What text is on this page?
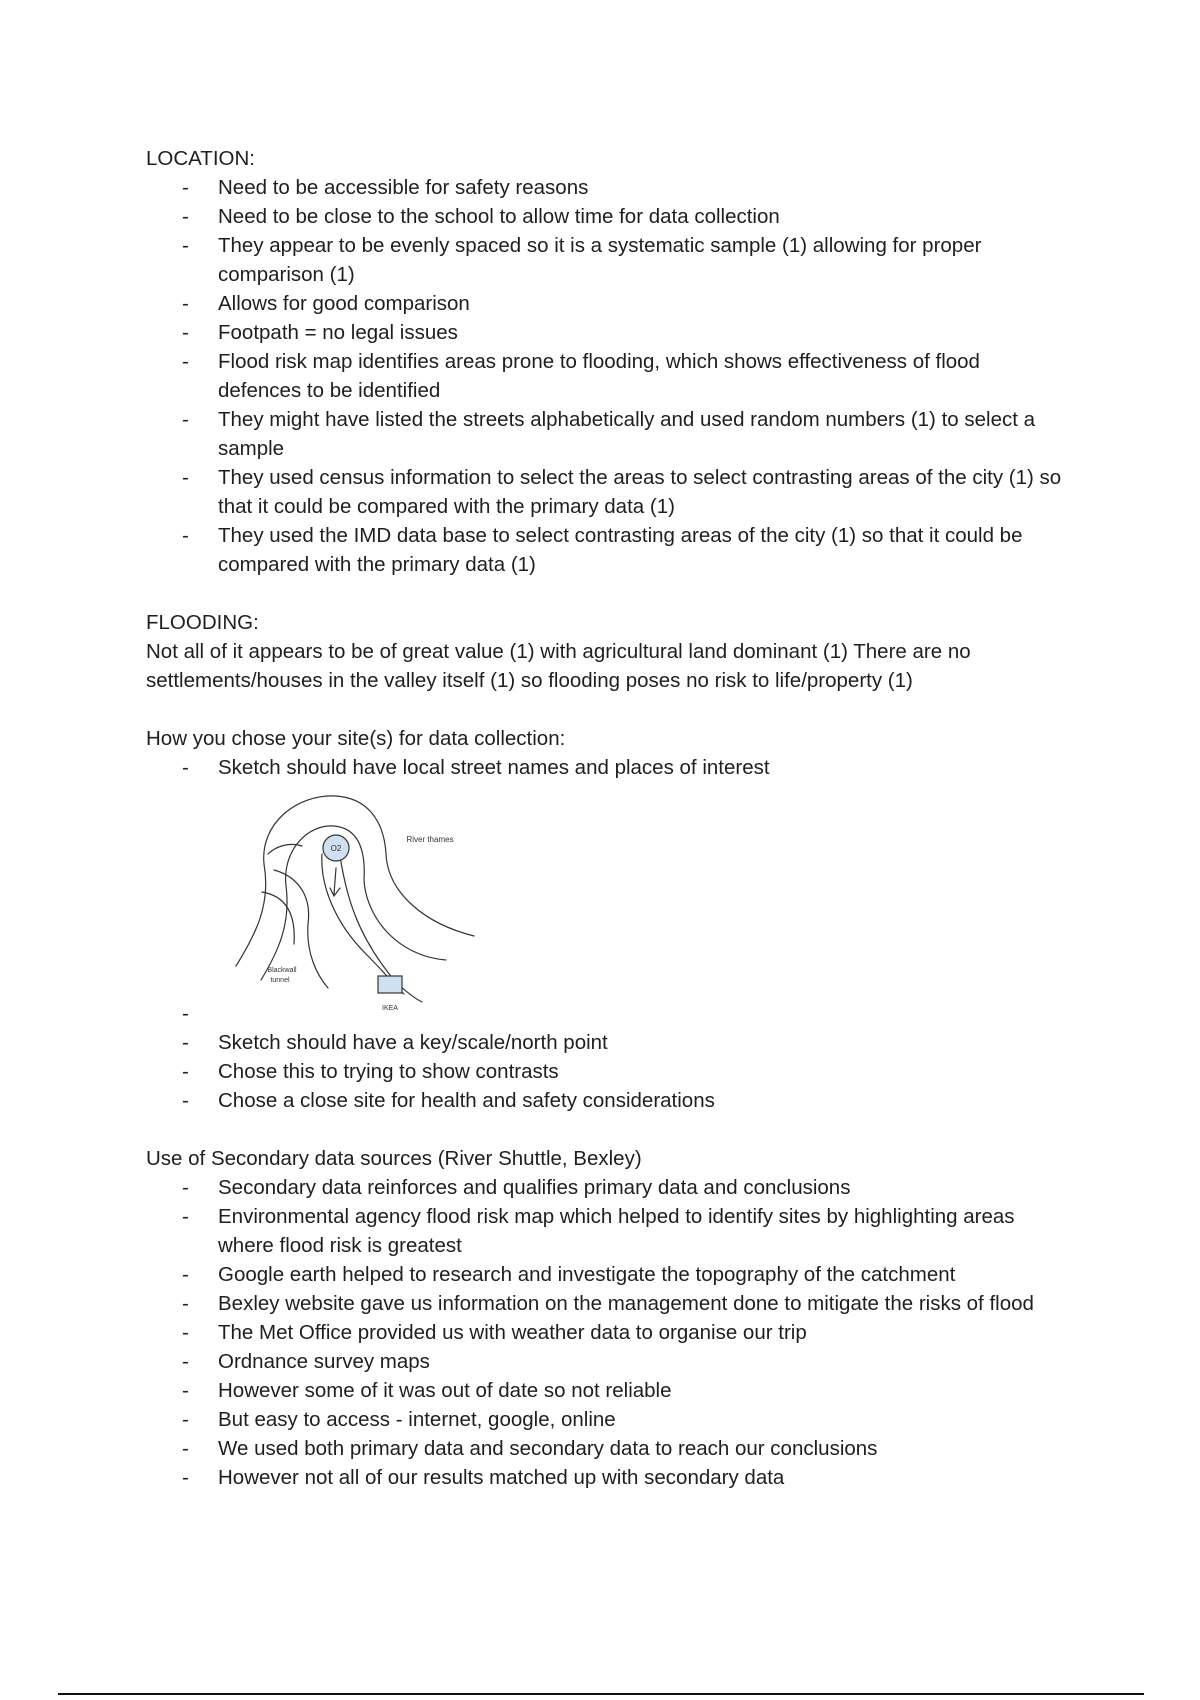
LOCATION:

- Need to be accessible for safety reasons
- Need to be close to the school to allow time for data collection
- They appear to be evenly spaced so it is a systematic sample (1) allowing for proper comparison (1)
- Allows for good comparison
- Footpath = no legal issues
- Flood risk map identifies areas prone to flooding, which shows effectiveness of flood defences to be identified
- They might have listed the streets alphabetically and used random numbers (1) to select a sample
- They used census information to select the areas to select contrasting areas of the city (1) so that it could be compared with the primary data (1)
- They used the IMD data base to select contrasting areas of the city (1) so that it could be compared with the primary data (1)

FLOODING:

Not all of it appears to be of great value (1) with agricultural land dominant (1) There are no settlements/houses in the valley itself (1) so flooding poses no risk to life/property (1)

How you chose your site(s) for data collection:

- Sketch should have local street names and places of interest
- O2
IKEA
River thames
Blackwall
tunnel
- Sketch should have a key/scale/north point
- Chose this to trying to show contrasts
- Chose a close site for health and safety considerations

Use of Secondary data sources (River Shuttle, Bexley)

- Secondary data reinforces and qualifies primary data and conclusions
- Environmental agency flood risk map which helped to identify sites by highlighting areas where flood risk is greatest
- Google earth helped to research and investigate the topography of the catchment
- Bexley website gave us information on the management done to mitigate the risks of flood
- The Met Office provided us with weather data to organise our trip
- Ordnance survey maps
- However some of it was out of date so not reliable
- But easy to access - internet, google, online
- We used both primary data and secondary data to reach our conclusions
- However not all of our results matched up with secondary data
